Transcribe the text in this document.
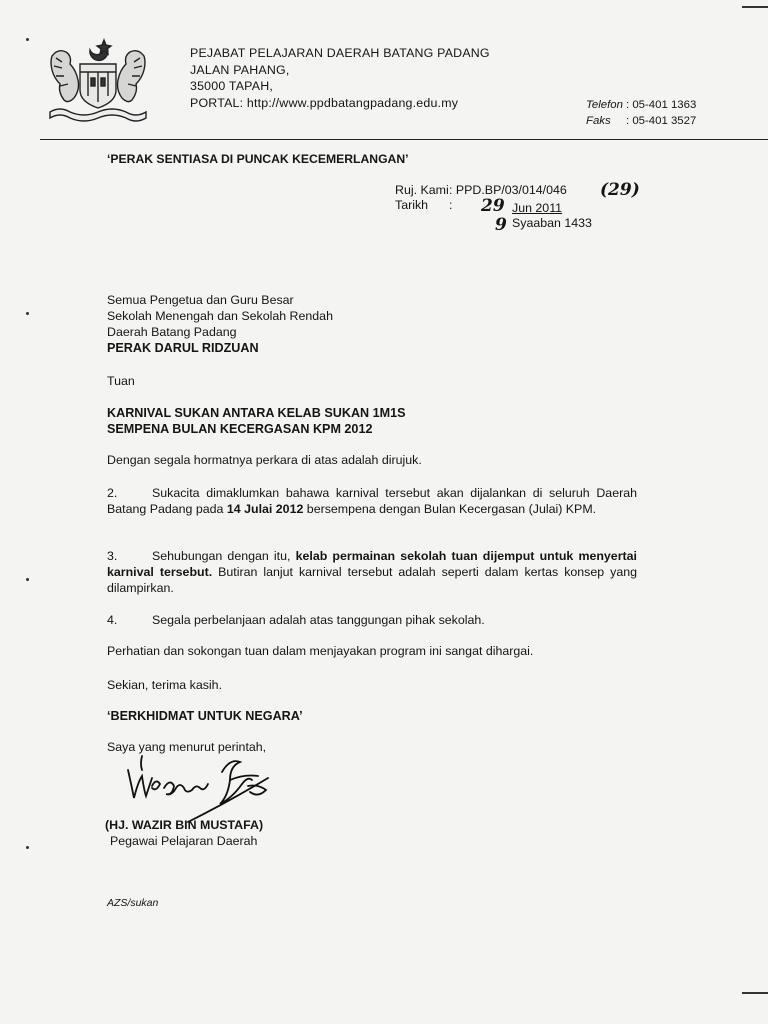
PEJABAT PELAJARAN DAERAH BATANG PADANG
JALAN PAHANG,
35000 TAPAH,
PORTAL: http://www.ppdbatangpadang.edu.my	Telefon : 05-401 1363
Faks : 05-401 3527
‘PERAK SENTIASA DI PUNCAK KECEMERLANGAN’
Ruj. Kami: PPD.BP/03/014/046
Tarikh :
(29)
29 Jun 2011
9 Syaaban 1433
Semua Pengetua dan Guru Besar
Sekolah Menengah dan Sekolah Rendah
Daerah Batang Padang
PERAK DARUL RIDZUAN
Tuan
KARNIVAL SUKAN ANTARA KELAB SUKAN 1M1S
SEMPENA BULAN KECERGASAN KPM 2012
Dengan segala hormatnya perkara di atas adalah dirujuk.
2.	Sukacita dimaklumkan bahawa karnival tersebut akan dijalankan di seluruh Daerah Batang Padang pada 14 Julai 2012 bersempena dengan Bulan Kecergasan (Julai) KPM.
3.	Sehubungan dengan itu, kelab permainan sekolah tuan dijemput untuk menyertai karnival tersebut. Butiran lanjut karnival tersebut adalah seperti dalam kertas konsep yang dilampirkan.
4.	Segala perbelanjaan adalah atas tanggungan pihak sekolah.
Perhatian dan sokongan tuan dalam menjayakan program ini sangat dihargai.
Sekian, terima kasih.
‘BERKHIDMAT UNTUK NEGARA’
Saya yang menurut perintah,
(HJ. WAZIR BIN MUSTAFA)
Pegawai Pelajaran Daerah
AZS/sukan
